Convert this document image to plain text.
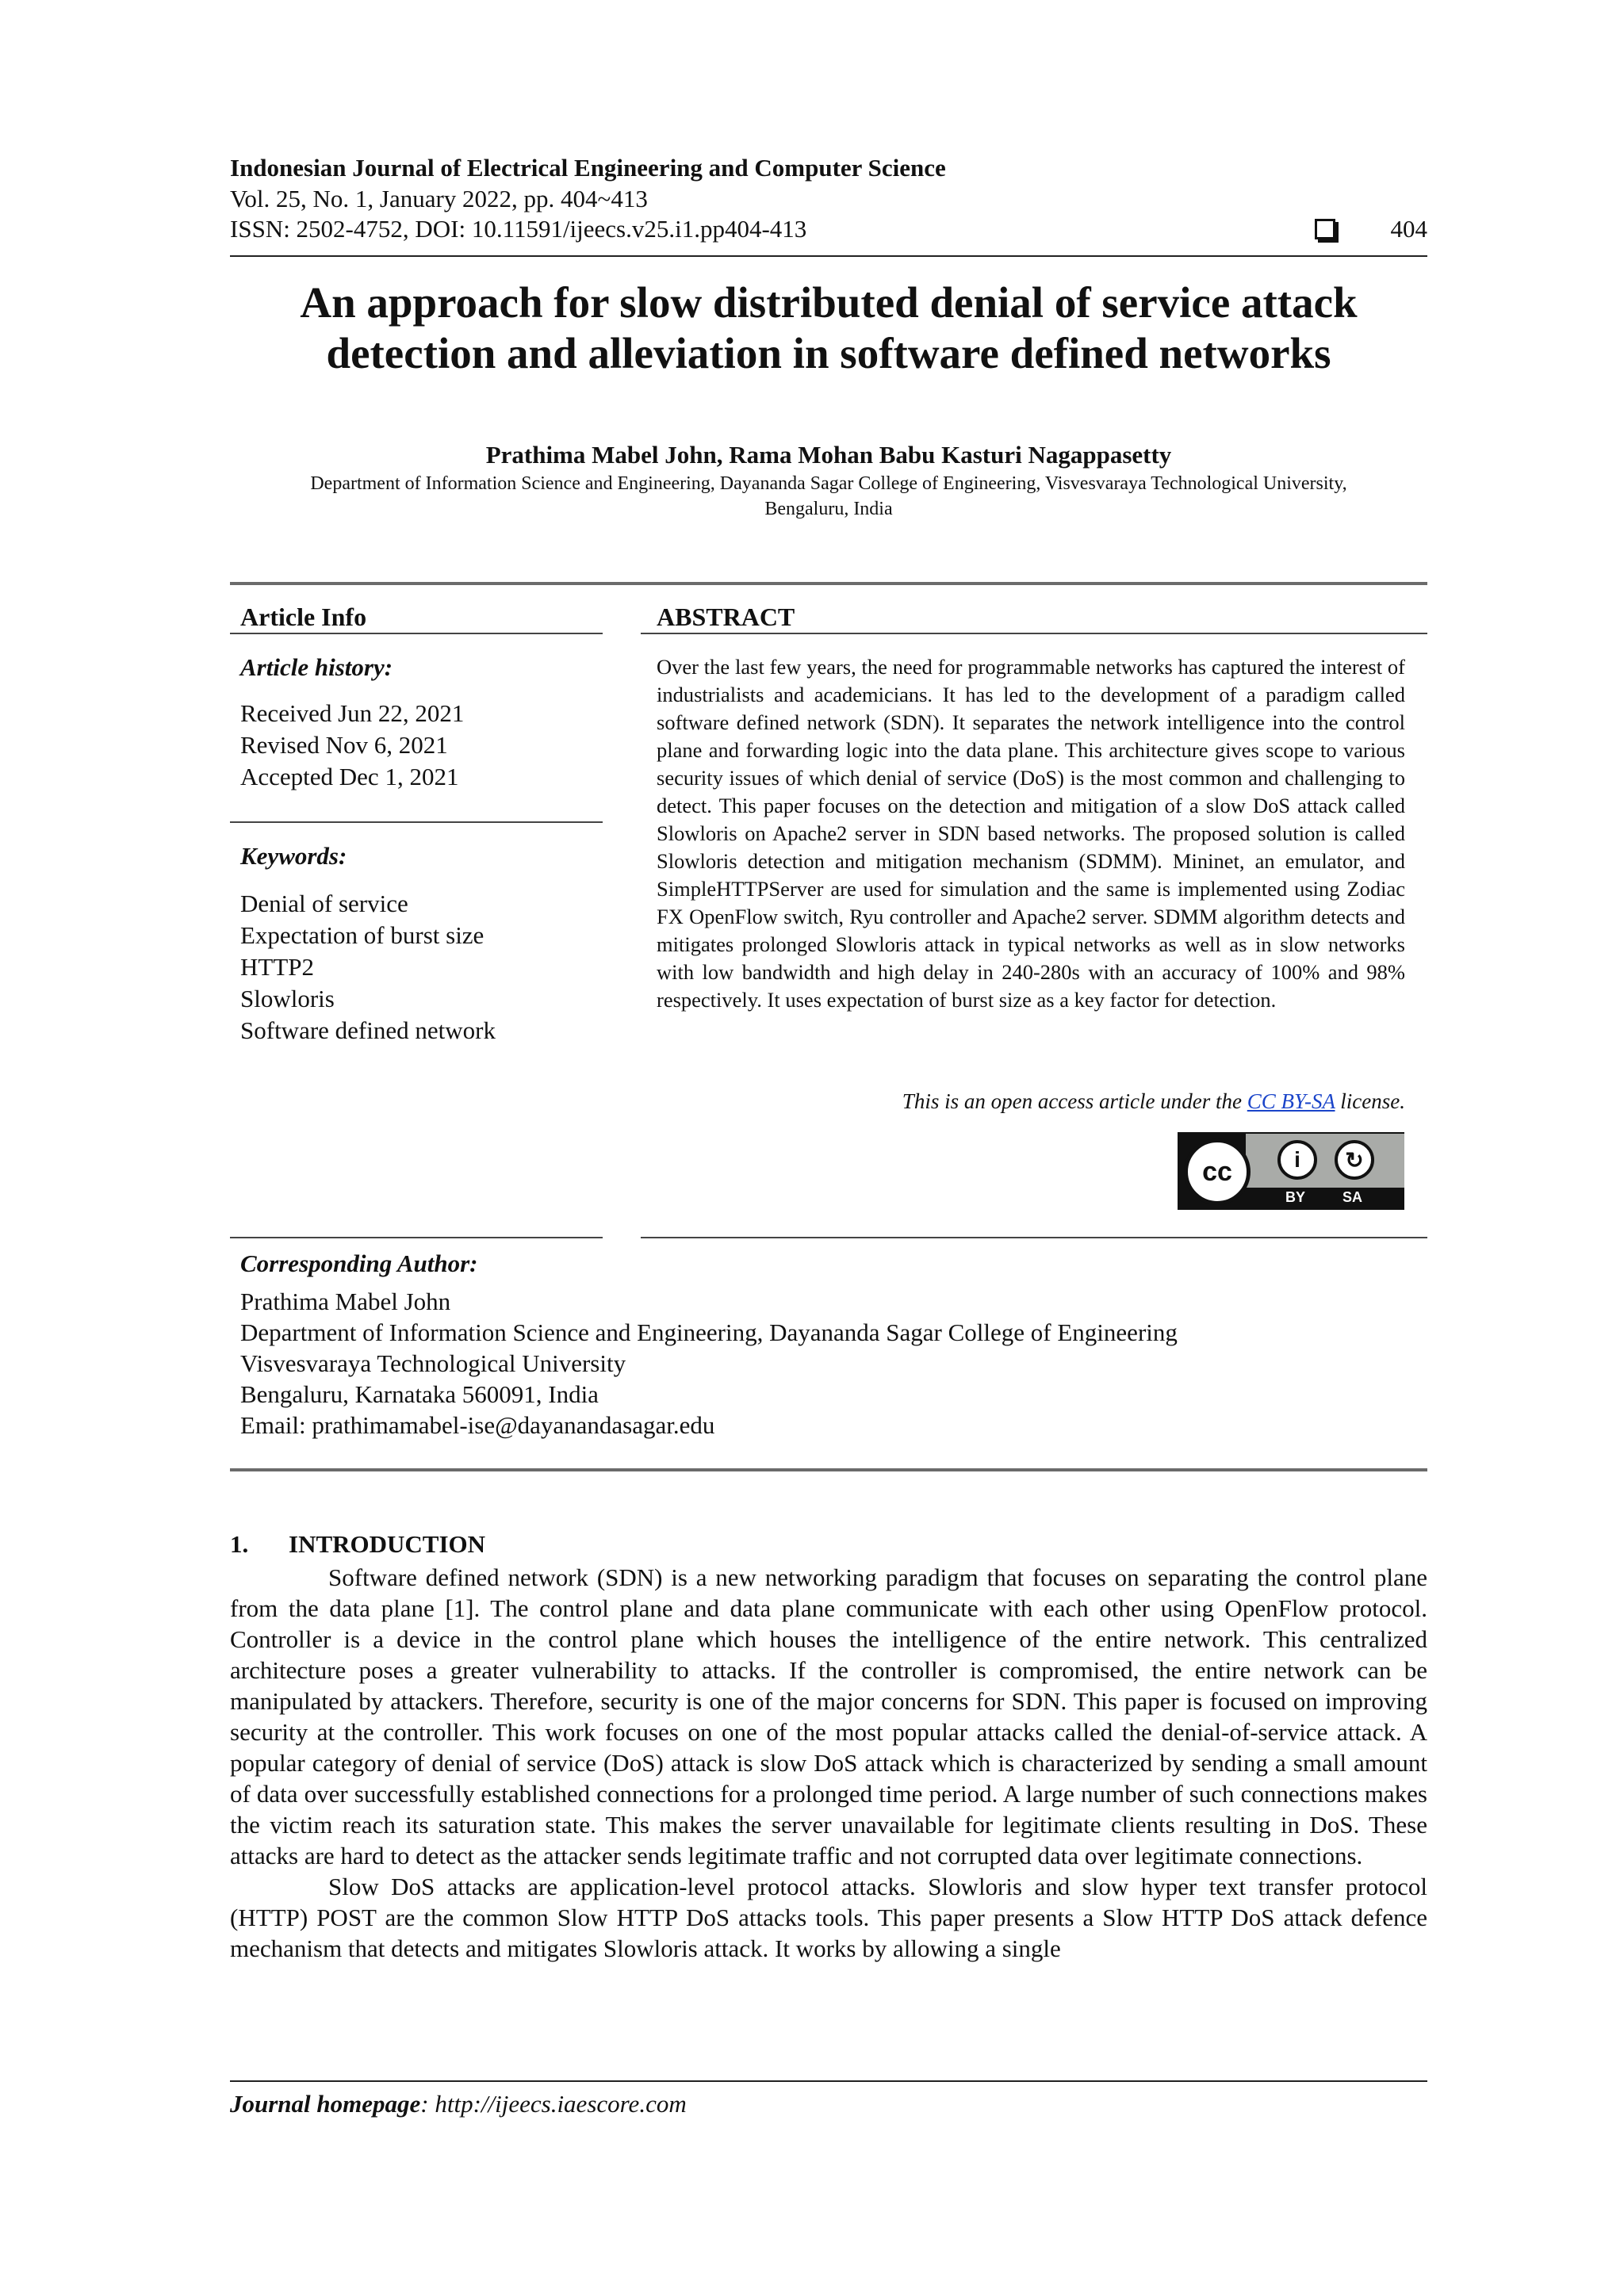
Indonesian Journal of Electrical Engineering and Computer Science
Vol. 25, No. 1, January 2022, pp. 404~413
ISSN: 2502-4752, DOI: 10.11591/ijeecs.v25.i1.pp404-413	404
An approach for slow distributed denial of service attack
detection and alleviation in software defined networks
Prathima Mabel John, Rama Mohan Babu Kasturi Nagappasetty
Department of Information Science and Engineering, Dayananda Sagar College of Engineering, Visvesvaraya Technological University,
Bengaluru, India
Article Info	ABSTRACT
Article history:
Received Jun 22, 2021
Revised Nov 6, 2021
Accepted Dec 1, 2021
Keywords:
Denial of service
Expectation of burst size
HTTP2
Slowloris
Software defined network
Over the last few years, the need for programmable networks has captured the interest of industrialists and academicians. It has led to the development of a paradigm called software defined network (SDN). It separates the network intelligence into the control plane and forwarding logic into the data plane. This architecture gives scope to various security issues of which denial of service (DoS) is the most common and challenging to detect. This paper focuses on the detection and mitigation of a slow DoS attack called Slowloris on Apache2 server in SDN based networks. The proposed solution is called Slowloris detection and mitigation mechanism (SDMM). Mininet, an emulator, and SimpleHTTPServer are used for simulation and the same is implemented using Zodiac FX OpenFlow switch, Ryu controller and Apache2 server. SDMM algorithm detects and mitigates prolonged Slowloris attack in typical networks as well as in slow networks with low bandwidth and high delay in 240-280s with an accuracy of 100% and 98% respectively. It uses expectation of burst size as a key factor for detection.
This is an open access article under the CC BY-SA license.
cc	i	↻
BY	SA
Corresponding Author:
Prathima Mabel John
Department of Information Science and Engineering, Dayananda Sagar College of Engineering
Visvesvaraya Technological University
Bengaluru, Karnataka 560091, India
Email: prathimamabel-ise@dayanandasagar.edu
1. INTRODUCTION

Software defined network (SDN) is a new networking paradigm that focuses on separating the control plane from the data plane [1]. The control plane and data plane communicate with each other using OpenFlow protocol. Controller is a device in the control plane which houses the intelligence of the entire network. This centralized architecture poses a greater vulnerability to attacks. If the controller is compromised, the entire network can be manipulated by attackers. Therefore, security is one of the major concerns for SDN. This paper is focused on improving security at the controller. This work focuses on one of the most popular attacks called the denial-of-service attack. A popular category of denial of service (DoS) attack is slow DoS attack which is characterized by sending a small amount of data over successfully established connections for a prolonged time period. A large number of such connections makes the victim reach its saturation state. This makes the server unavailable for legitimate clients resulting in DoS. These attacks are hard to detect as the attacker sends legitimate traffic and not corrupted data over legitimate connections.

Slow DoS attacks are application-level protocol attacks. Slowloris and slow hyper text transfer protocol (HTTP) POST are the common Slow HTTP DoS attacks tools. This paper presents a Slow HTTP DoS attack defence mechanism that detects and mitigates Slowloris attack. It works by allowing a single

Journal homepage: http://ijeecs.iaescore.com
